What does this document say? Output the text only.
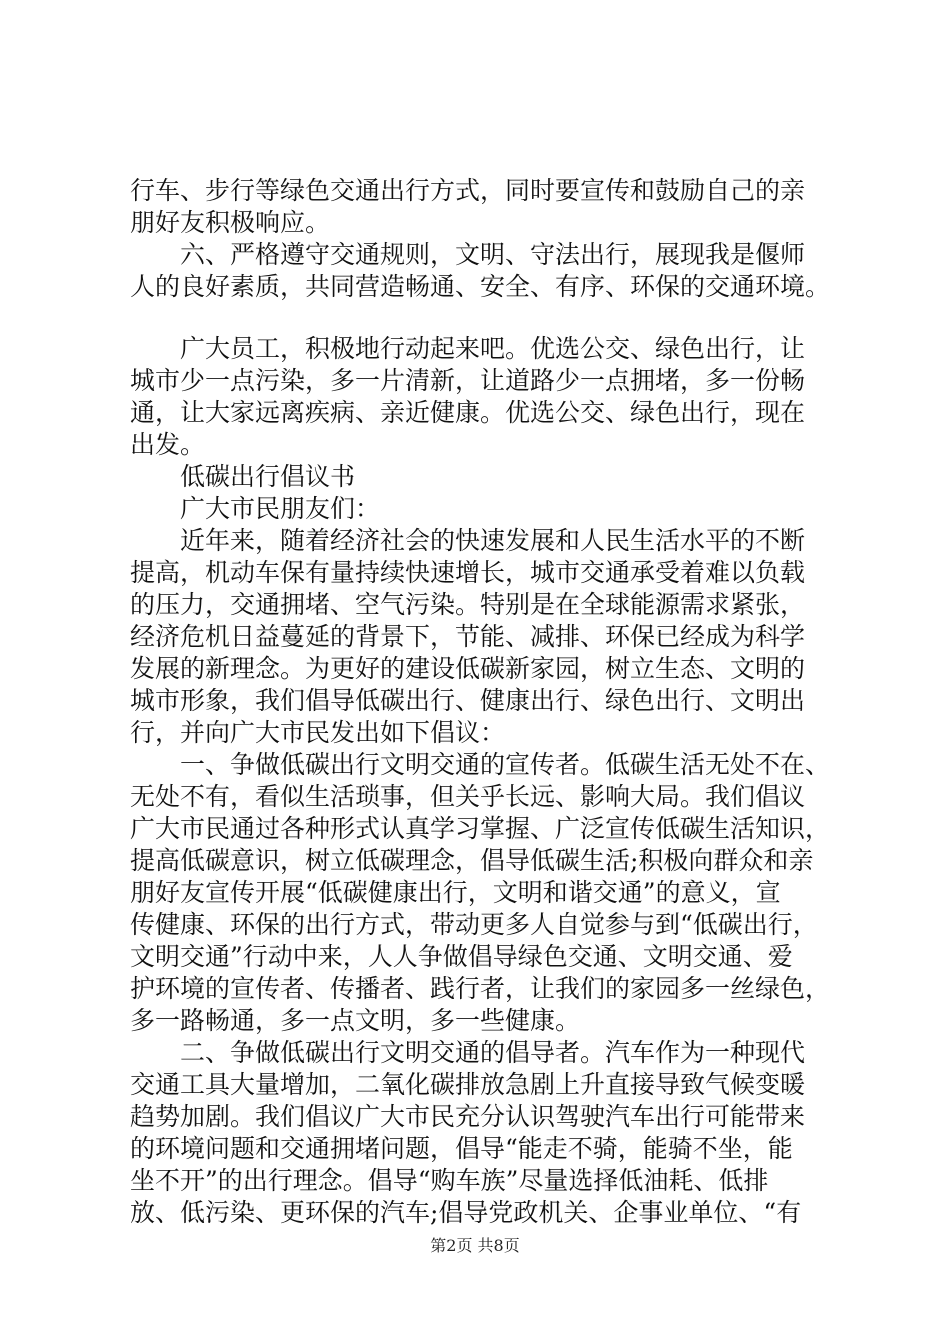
行车、步行等绿色交通出行方式，同时要宣传和鼓励自己的亲
朋好友积极响应。
　　六、严格遵守交通规则，文明、守法出行，展现我是偃师
人的良好素质，共同营造畅通、安全、有序、环保的交通环境。
　　广大员工，积极地行动起来吧。优选公交、绿色出行，让
城市少一点污染，多一片清新，让道路少一点拥堵，多一份畅
通，让大家远离疾病、亲近健康。优选公交、绿色出行，现在
出发。
　　低碳出行倡议书
　　广大市民朋友们：
　　近年来，随着经济社会的快速发展和人民生活水平的不断
提高，机动车保有量持续快速增长，城市交通承受着难以负载
的压力，交通拥堵、空气污染。特别是在全球能源需求紧张，
经济危机日益蔓延的背景下，节能、减排、环保已经成为科学
发展的新理念。为更好的建设低碳新家园，树立生态、文明的
城市形象，我们倡导低碳出行、健康出行、绿色出行、文明出
行，并向广大市民发出如下倡议：
　　一、争做低碳出行文明交通的宣传者。低碳生活无处不在、
无处不有，看似生活琐事，但关乎长远、影响大局。我们倡议
广大市民通过各种形式认真学习掌握、广泛宣传低碳生活知识，
提高低碳意识，树立低碳理念，倡导低碳生活;积极向群众和亲
朋好友宣传开展“低碳健康出行，文明和谐交通”的意义，宣
传健康、环保的出行方式，带动更多人自觉参与到“低碳出行，
文明交通”行动中来，人人争做倡导绿色交通、文明交通、爱
护环境的宣传者、传播者、践行者，让我们的家园多一丝绿色，
多一路畅通，多一点文明，多一些健康。
　　二、争做低碳出行文明交通的倡导者。汽车作为一种现代
交通工具大量增加，二氧化碳排放急剧上升直接导致气候变暖
趋势加剧。我们倡议广大市民充分认识驾驶汽车出行可能带来
的环境问题和交通拥堵问题，倡导“能走不骑，能骑不坐，能
坐不开”的出行理念。倡导“购车族”尽量选择低油耗、低排
放、低污染、更环保的汽车;倡导党政机关、企事业单位、“有
第2页 共8页
